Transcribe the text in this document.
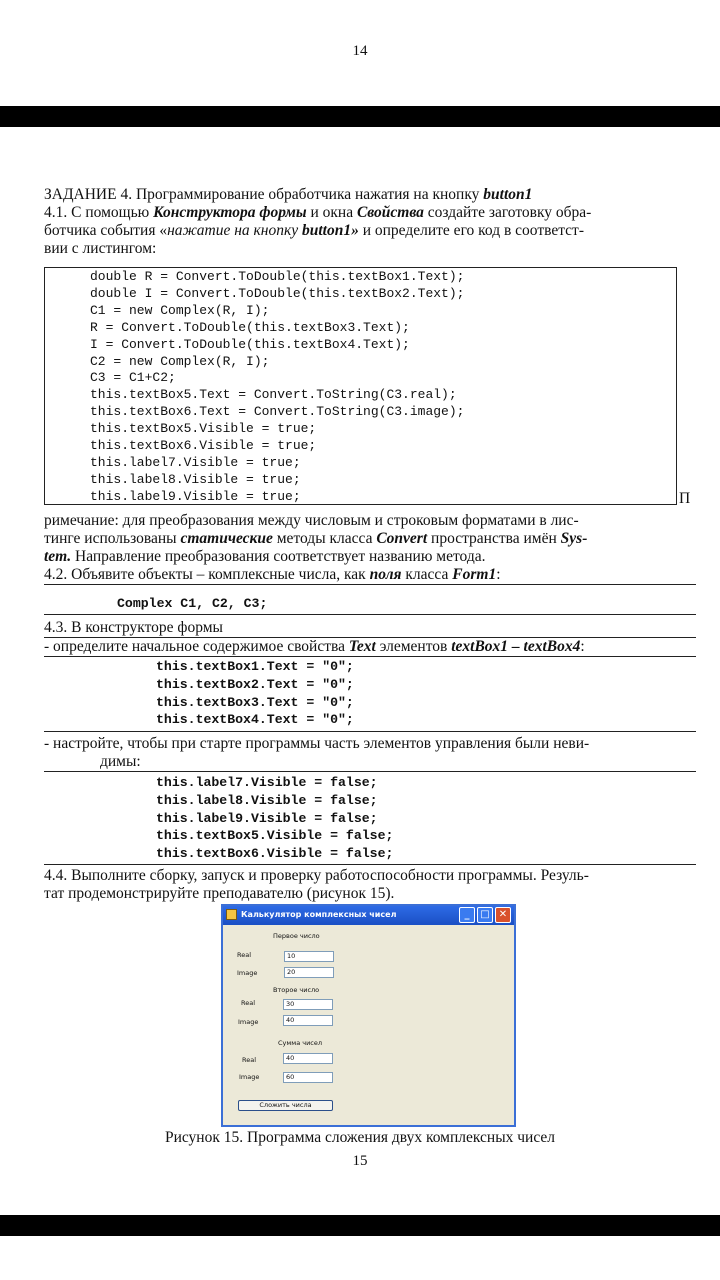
14

ЗАДАНИЕ 4. Программирование обработчика нажатия на кнопку button1

4.1. С помощью Конструктора формы и окна Свойства создайте заготовку обра-

ботчика события «нажатие на кнопку button1» и определите его код в соответст-

вии с листингом:

double R = Convert.ToDouble(this.textBox1.Text);
double I = Convert.ToDouble(this.textBox2.Text);
C1 = new Complex(R, I);
R = Convert.ToDouble(this.textBox3.Text);
I = Convert.ToDouble(this.textBox4.Text);
C2 = new Complex(R, I);
C3 = C1+C2;
this.textBox5.Text = Convert.ToString(C3.real);
this.textBox6.Text = Convert.ToString(C3.image);
this.textBox5.Visible = true;
this.textBox6.Visible = true;
this.label7.Visible = true;
this.label8.Visible = true;
this.label9.Visible = true;	П

римечание: для преобразования между числовым и строковым форматами в лис-

тинге использованы статические методы класса Convert пространства имён Sys-

tem. Направление преобразования соответствует названию метода.

4.2. Объявите объекты – комплексные числа, как поля класса Form1:

Complex C1, C2, C3;

4.3. В конструкторе формы

- определите начальное содержимое свойства Text элементов textBox1 – textBox4:

this.textBox1.Text = "0";
this.textBox2.Text = "0";
this.textBox3.Text = "0";
this.textBox4.Text = "0";

- настройте, чтобы при старте программы часть элементов управления были неви-

димы:

this.label7.Visible = false;
this.label8.Visible = false;
this.label9.Visible = false;
this.textBox5.Visible = false;
this.textBox6.Visible = false;

4.4. Выполните сборку, запуск и проверку работоспособности программы. Резуль-

тат продемонстрируйте преподавателю (рисунок 15).

Калькулятор комплексных чисел	_	□ ✕
Первое число
Real	10
Image	20
Второе число
Real	30
Image	40
Сумма чисел
Real	40
Image	60
Сложить числа
Рисунок 15. Программа сложения двух комплексных чисел
15
